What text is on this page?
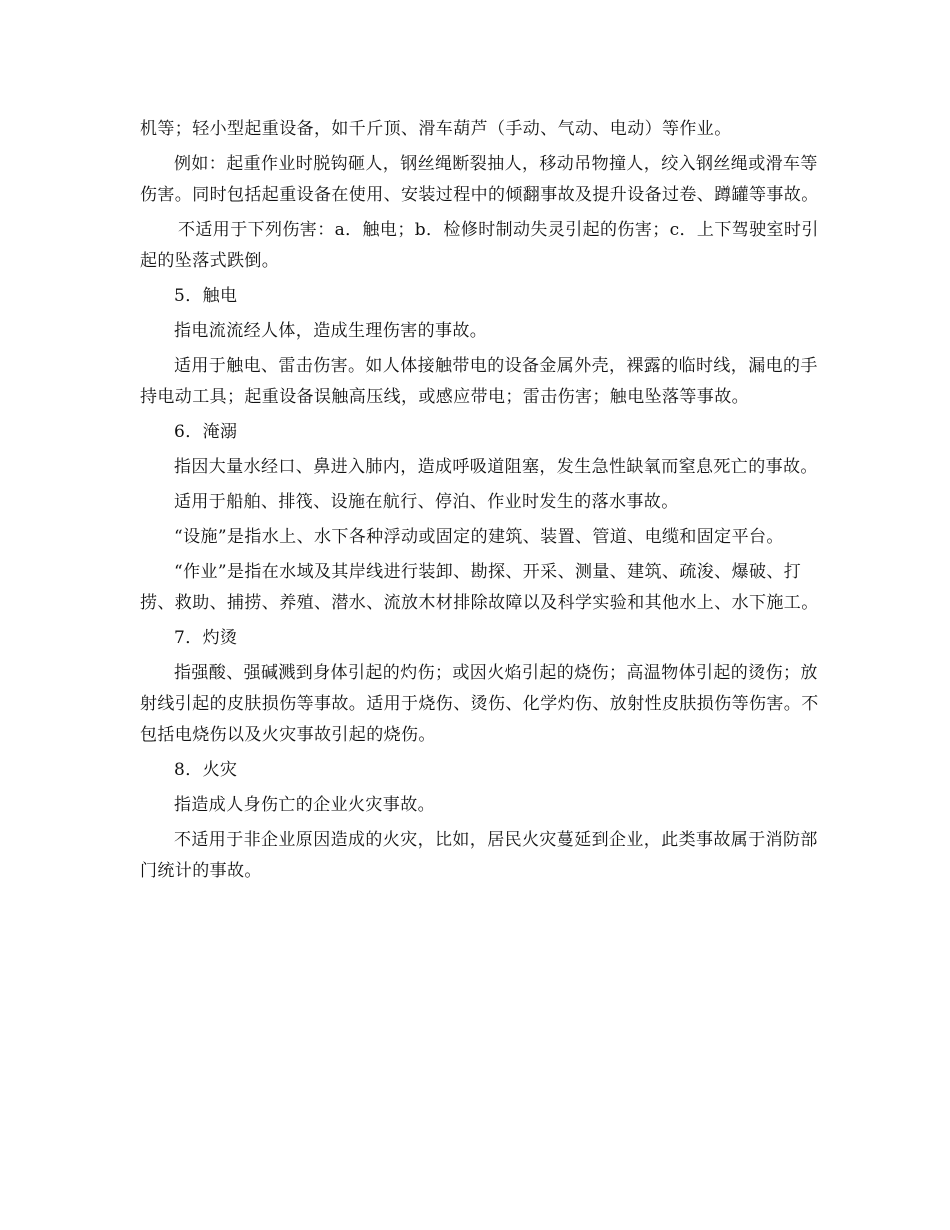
机等；轻小型起重设备，如千斤顶、滑车葫芦（手动、气动、电动）等作业。

例如：起重作业时脱钩砸人，钢丝绳断裂抽人，移动吊物撞人，绞入钢丝绳或滑车等伤害。同时包括起重设备在使用、安装过程中的倾翻事故及提升设备过卷、蹲罐等事故。

不适用于下列伤害：a．触电；b．检修时制动失灵引起的伤害；c．上下驾驶室时引起的坠落式跌倒。

5．触电

指电流流经人体，造成生理伤害的事故。

适用于触电、雷击伤害。如人体接触带电的设备金属外壳，裸露的临时线，漏电的手持电动工具；起重设备误触高压线，或感应带电；雷击伤害；触电坠落等事故。

6．淹溺

指因大量水经口、鼻进入肺内，造成呼吸道阻塞，发生急性缺氧而窒息死亡的事故。

适用于船舶、排筏、设施在航行、停泊、作业时发生的落水事故。

“设施”是指水上、水下各种浮动或固定的建筑、装置、管道、电缆和固定平台。

“作业”是指在水域及其岸线进行装卸、勘探、开采、测量、建筑、疏浚、爆破、打捞、救助、捕捞、养殖、潜水、流放木材排除故障以及科学实验和其他水上、水下施工。

7．灼烫

指强酸、强碱溅到身体引起的灼伤；或因火焰引起的烧伤；高温物体引起的烫伤；放射线引起的皮肤损伤等事故。适用于烧伤、烫伤、化学灼伤、放射性皮肤损伤等伤害。不包括电烧伤以及火灾事故引起的烧伤。

8．火灾

指造成人身伤亡的企业火灾事故。

不适用于非企业原因造成的火灾，比如，居民火灾蔓延到企业，此类事故属于消防部门统计的事故。
